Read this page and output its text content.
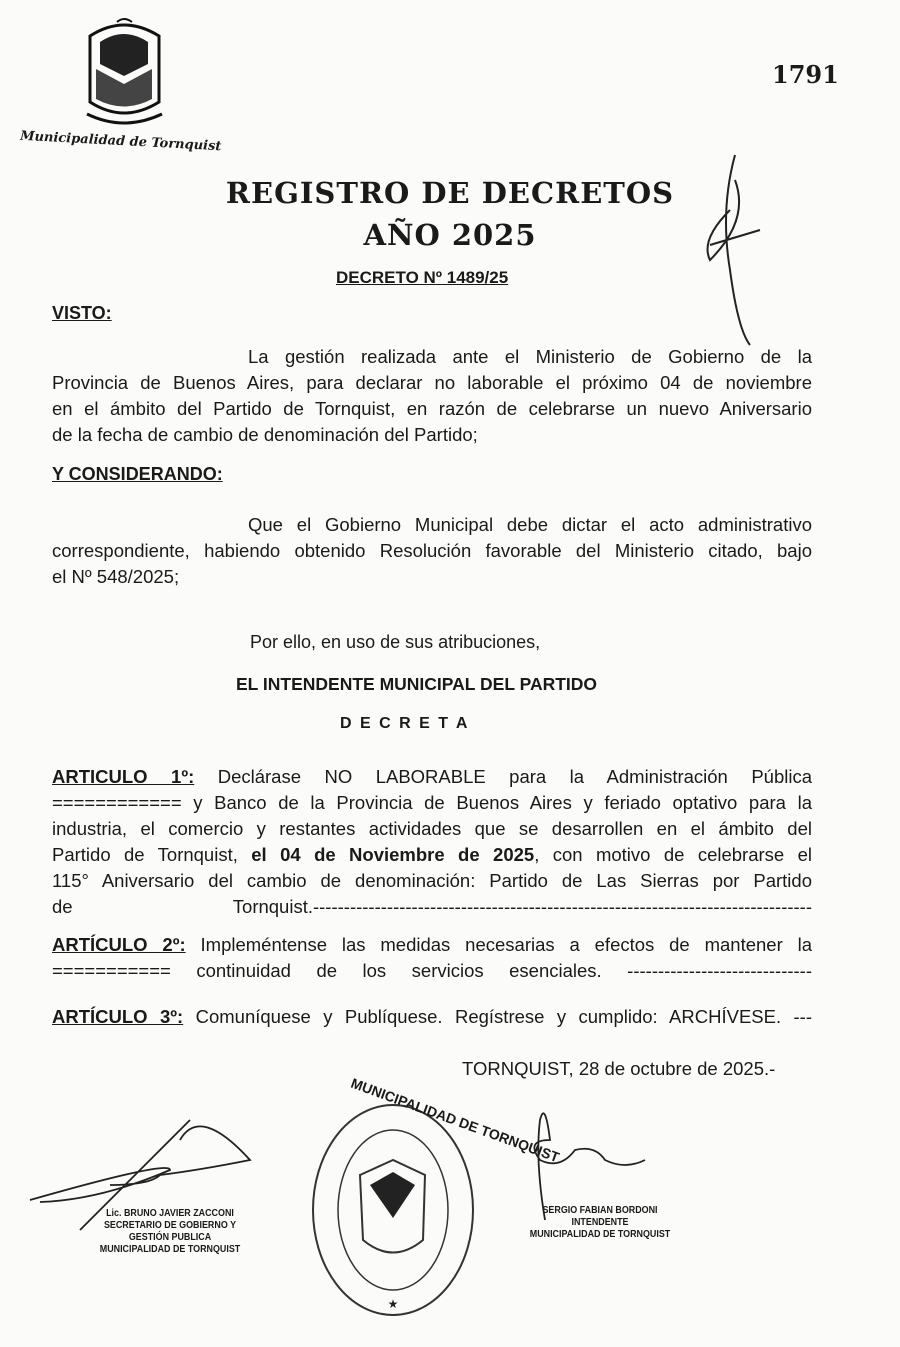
Municipalidad de Tornquist
1791
REGISTRO DE DECRETOS
AÑO 2025
DECRETO Nº 1489/25
VISTO:
La gestión realizada ante el Ministerio de Gobierno de la
Provincia de Buenos Aires, para declarar no laborable el próximo 04 de noviembre
en el ámbito del Partido de Tornquist, en razón de celebrarse un nuevo Aniversario
de la fecha de cambio de denominación del Partido;
Y CONSIDERANDO:
Que el Gobierno Municipal debe dictar el acto administrativo
correspondiente, habiendo obtenido Resolución favorable del Ministerio citado, bajo
el Nº 548/2025;
Por ello, en uso de sus atribuciones,
EL INTENDENTE MUNICIPAL DEL PARTIDO
D E C R E T A
ARTICULO 1º: Declárase NO LABORABLE para la Administración Pública
============ y Banco de la Provincia de Buenos Aires y feriado optativo para la
industria, el comercio y restantes actividades que se desarrollen en el ámbito del
Partido de Tornquist, el 04 de Noviembre de 2025, con motivo de celebrarse el
115° Aniversario del cambio de denominación: Partido de Las Sierras por Partido
de Tornquist.---------------------------------------------------------------------------------
ARTÍCULO 2º: Impleméntense las medidas necesarias a efectos de mantener la
=========== continuidad de los servicios esenciales. ------------------------------
ARTÍCULO 3º: Comuníquese y Publíquese. Regístrese y cumplido: ARCHÍVESE. ---
TORNQUIST, 28 de octubre de 2025.-
Lic. BRUNO JAVIER ZACCONI
SECRETARIO DE GOBIERNO Y
GESTIÓN PUBLICA
MUNICIPALIDAD DE TORNQUIST
★
MUNICIPALIDAD DE TORNQUIST
SERGIO FABIAN BORDONI
INTENDENTE
MUNICIPALIDAD DE TORNQUIST
